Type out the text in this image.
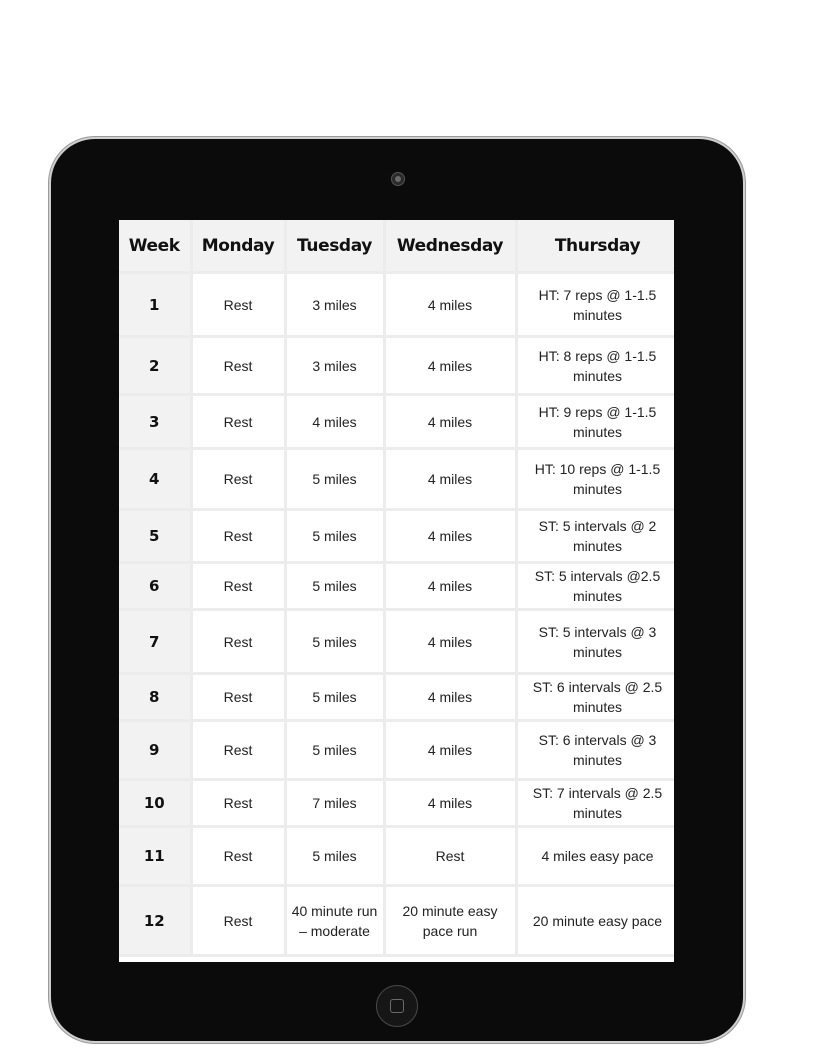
Week	Monday	Tuesday	Wednesday	Thursday
1	Rest	3 miles	4 miles	HT: 7 reps @ 1-1.5
minutes

2	Rest	3 miles	4 miles	HT: 8 reps @ 1-1.5
minutes

3	Rest	4 miles	4 miles	HT: 9 reps @ 1-1.5
minutes

4	Rest	5 miles	4 miles	HT: 10 reps @ 1-1.5
minutes

5	Rest	5 miles	4 miles	ST: 5 intervals @ 2
minutes

6	Rest	5 miles	4 miles	ST: 5 intervals @2.5
minutes

7	Rest	5 miles	4 miles	ST: 5 intervals @ 3
minutes

8	Rest	5 miles	4 miles	ST: 6 intervals @ 2.5
minutes

9	Rest	5 miles	4 miles	ST: 6 intervals @ 3
minutes

10	Rest	7 miles	4 miles	ST: 7 intervals @ 2.5
minutes

11	Rest	5 miles	Rest	4 miles easy pace

12	Rest	40 minute run – moderate	20 minute easy pace run	20 minute easy pace
